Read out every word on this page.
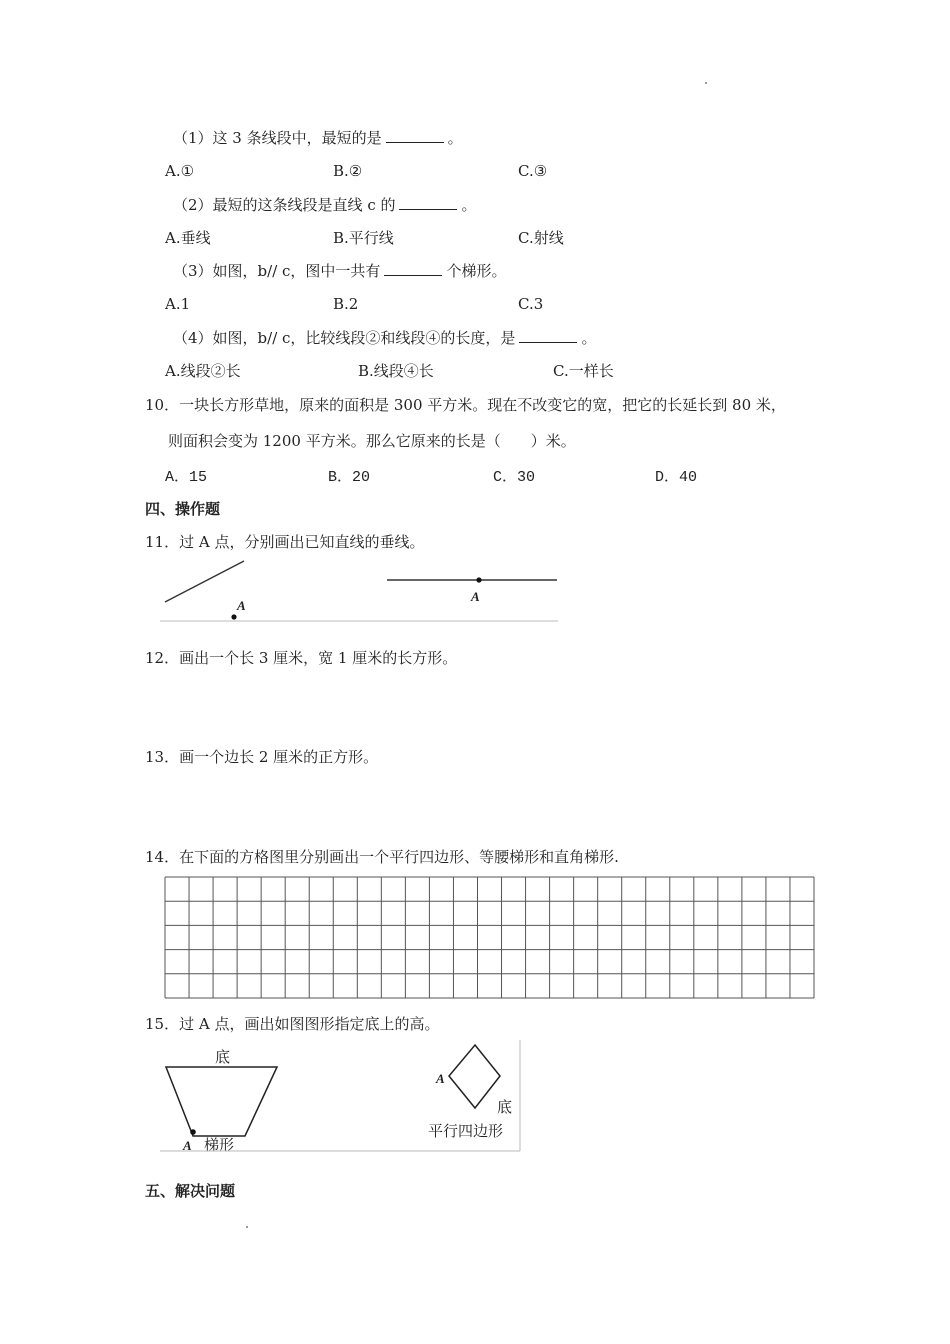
（1）这 3 条线段中，最短的是	。
A.①	B.②	C.③
（2）最短的这条线段是直线 c 的	。
A.垂线	B.平行线	C.射线
（3）如图，b// c，图中一共有	个梯形。
A.1	B.2	C.3
（4）如图，b// c，比较线段②和线段④的长度，是	。
A.线段②长	B.线段④长	C.一样长
10．一块长方形草地，原来的面积是 300 平方米。现在不改变它的宽，把它的长延长到 80 米，
则面积会变为 1200 平方米。那么它原来的长是（　　）米。
A．15	B．20	C．30	D．40
四、操作题
11．过 A 点，分别画出已知直线的垂线。
A
A
12．画出一个长 3 厘米，宽 1 厘米的长方形。
13．画一个边长 2 厘米的正方形。
14．在下面的方格图里分别画出一个平行四边形、等腰梯形和直角梯形.
15．过 A 点，画出如图图形指定底上的高。
底
A 梯形
A
底
平行四边形
五、解决问题
